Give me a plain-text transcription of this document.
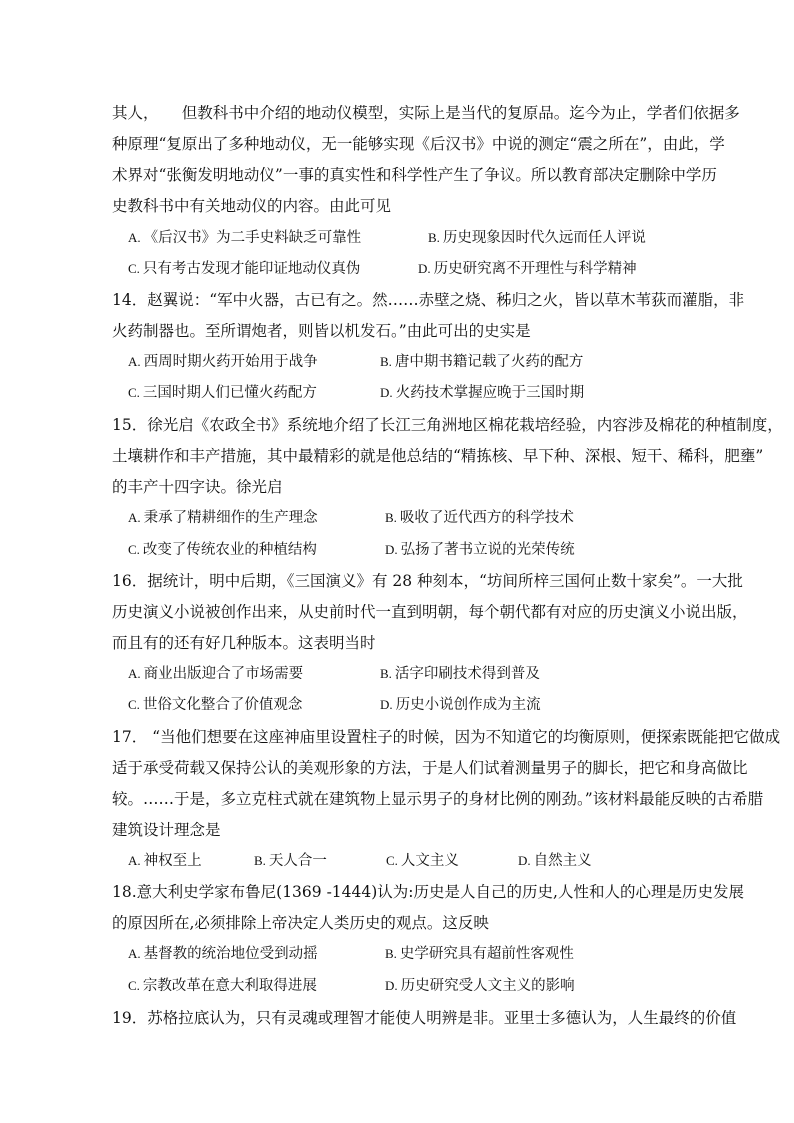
其人，　　但教科书中介绍的地动仪模型，实际上是当代的复原品。迄今为止，学者们依据多
种原理“复原出了多种地动仪，无一能够实现《后汉书》中说的测定“震之所在”，由此，学
术界对“张衡发明地动仪”一事的真实性和科学性产生了争议。所以教育部决定删除中学历
史教科书中有关地动仪的内容。由此可见
A. 《后汉书》为二手史料缺乏可靠性	B. 历史现象因时代久远而任人评说
C. 只有考古发现才能印证地动仪真伪	D. 历史研究离不开理性与科学精神
14．赵翼说：“军中火器，古已有之。然……赤壁之烧、秭归之火，皆以草木苇荻而灌脂，非
火药制器也。至所谓炮者，则皆以机发石。”由此可出的史实是
A. 西周时期火药开始用于战争	B. 唐中期书籍记载了火药的配方
C. 三国时期人们已懂火药配方	D. 火药技术掌握应晚于三国时期
15．徐光启《农政全书》系统地介绍了长江三角洲地区棉花栽培经验，内容涉及棉花的种植制度，
土壤耕作和丰产措施，其中最精彩的就是他总结的“精拣核、早下种、深根、短干、稀科，肥壅”
的丰产十四字诀。徐光启
A. 秉承了精耕细作的生产理念	B. 吸收了近代西方的科学技术
C. 改变了传统农业的种植结构	D. 弘扬了著书立说的光荣传统
16．据统计，明中后期，《三国演义》有 28 种刻本，“坊间所梓三国何止数十家矣”。一大批
历史演义小说被创作出来，从史前时代一直到明朝，每个朝代都有对应的历史演义小说出版，
而且有的还有好几种版本。这表明当时
A. 商业出版迎合了市场需要	B. 活字印刷技术得到普及
C. 世俗文化整合了价值观念	D. 历史小说创作成为主流
17． “当他们想要在这座神庙里设置柱子的时候，因为不知道它的均衡原则，便探索既能把它做成
适于承受荷载又保持公认的美观形象的方法，于是人们试着测量男子的脚长，把它和身高做比
较。……于是，多立克柱式就在建筑物上显示男子的身材比例的刚劲。”该材料最能反映的古希腊
建筑设计理念是
A. 神权至上	B. 天人合一	C. 人文主义	D. 自然主义
18.意大利史学家布鲁尼(1369 -1444)认为:历史是人自己的历史,人性和人的心理是历史发展
的原因所在,必须排除上帝决定人类历史的观点。这反映
A. 基督教的统治地位受到动摇	B. 史学研究具有超前性客观性
C. 宗教改革在意大利取得进展	D. 历史研究受人文主义的影响
19．苏格拉底认为，只有灵魂或理智才能使人明辨是非。亚里士多德认为，人生最终的价值
